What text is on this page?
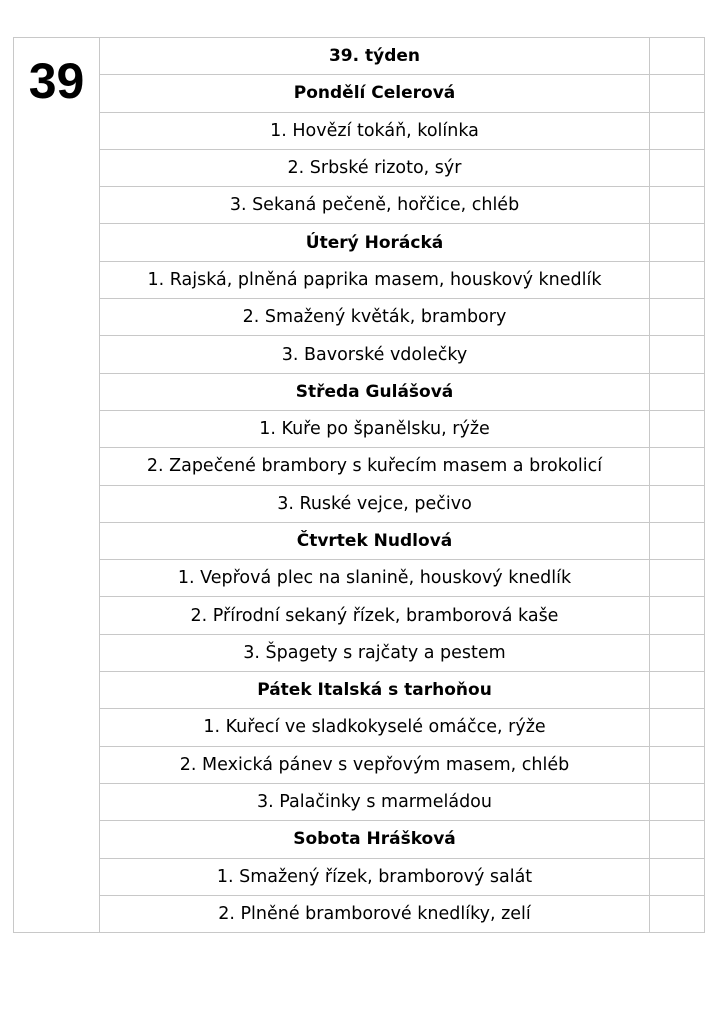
39	39. týden	
	Pondělí Celerová	
	1. Hovězí tokáň, kolínka	
	2. Srbské rizoto, sýr	
	3. Sekaná pečeně, hořčice, chléb	
	Úterý Horácká	
	1. Rajská, plněná paprika masem, houskový knedlík	
	2. Smažený květák, brambory	
	3. Bavorské vdolečky	
	Středa Gulášová	
	1. Kuře po španělsku, rýže	
	2. Zapečené brambory s kuřecím masem a brokolicí	
	3. Ruské vejce, pečivo	
	Čtvrtek Nudlová	
	1. Vepřová plec na slanině, houskový knedlík	
	2. Přírodní sekaný řízek, bramborová kaše	
	3. Špagety s rajčaty a pestem	
	Pátek Italská s tarhoňou	
	1. Kuřecí ve sladkokyselé omáčce, rýže	
	2. Mexická pánev s vepřovým masem, chléb	
	3. Palačinky s marmeládou	
	Sobota Hrášková	
	1. Smažený řízek, bramborový salát	
	2. Plněné bramborové knedlíky, zelí	
